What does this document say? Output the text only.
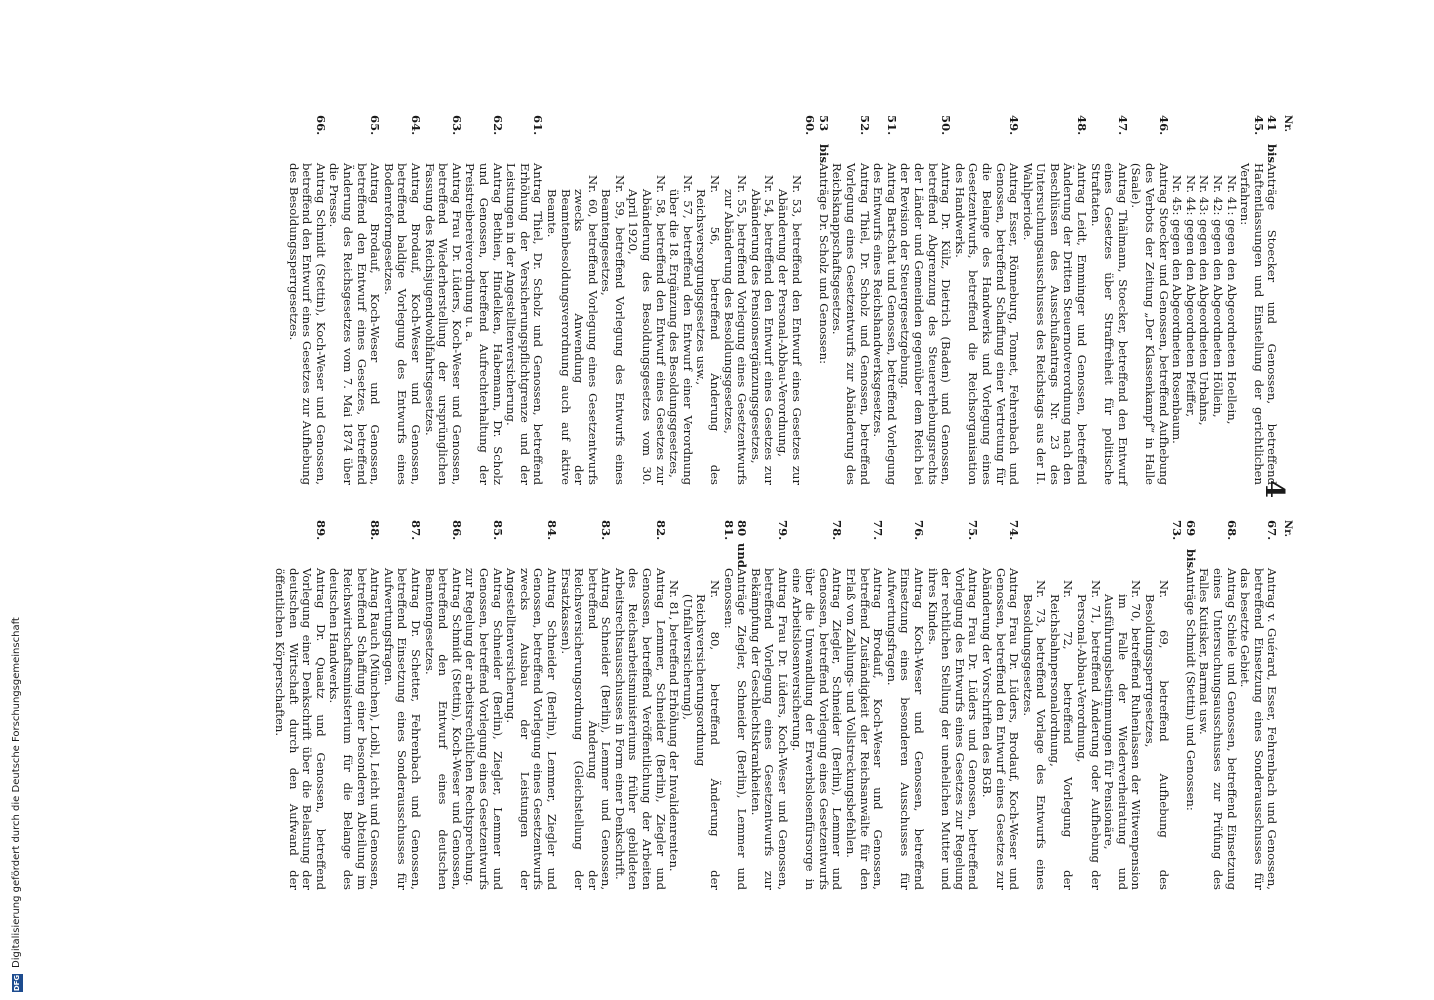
4
Nr.
41 bis 45.
Anträge Stoecker und Genossen, betreffend Haftentlassungen und Einstellung der gerichtlichen Verfahren:
Nr. 41: gegen den Abgeordneten Hoellein,
Nr. 42: gegen den Abgeordneten Höllein,
Nr. 43: gegen den Abgeordneten Urbahns,
Nr. 44: gegen den Abgeordneten Pfeiffer,
Nr. 45: gegen den Abgeordneten Rosenbaum.
46.
Antrag Stoecker und Genossen, betreffend Aufhebung des Verbots der Zeitung „Der Klassenkampf“ in Halle (Saale).
47.
Antrag Thälmann, Stoecker, betreffend den Entwurf eines Gesetzes über Straffreiheit für politische Straftaten.
48.
Antrag Leidt, Emminger und Genossen, betreffend Änderung der Dritten Steuernotverordnung nach den Beschlüssen des Ausschußantrags Nr. 23 des Untersuchungsausschusses des Reichstags aus der II. Wahlperiode.
49.
Antrag Esser, Rönneburg, Tonnet, Fehrenbach und Genossen, betreffend Schaffung einer Vertretung für die Belange des Handwerks und Vorlegung eines Gesetzentwurfs, betreffend die Reichsorganisation des Handwerks.
50.
Antrag Dr. Külz, Dietrich (Baden) und Genossen, betreffend Abgrenzung des Steuererhebungsrechts der Länder und Gemeinden gegenüber dem Reich bei der Revision der Steuergesetzgebung.
51.
Antrag Bartschat und Genossen, betreffend Vorlegung des Entwurfs eines Reichshandwerksgesetzes.
52.
Antrag Thiel, Dr. Scholz und Genossen, betreffend Vorlegung eines Gesetzentwurfs zur Abänderung des Reichsknappschaftsgesetzes.
53 bis 60.
Anträge Dr. Scholz und Genossen:
Nr. 53, betreffend den Entwurf eines Gesetzes zur Abänderung der Personal-Abbau-Verordnung,
Nr. 54, betreffend den Entwurf eines Gesetzes zur Abänderung des Pensionsergänzungsgesetzes,
Nr. 55, betreffend Vorlegung eines Gesetzentwurfs zur Abänderung des Besoldungsgesetzes,
Nr. 56, betreffend Änderung des Reichsversorgungsgesetzes usw.,
Nr. 57, betreffend den Entwurf einer Verordnung über die 18. Ergänzung des Besoldungsgesetzes,
Nr. 58, betreffend den Entwurf eines Gesetzes zur Abänderung des Besoldungsgesetzes vom 30. April 1920,
Nr. 59, betreffend Vorlegung des Entwurfs eines Beamtengesetzes,
Nr. 60, betreffend Vorlegung eines Gesetzentwurfs zwecks Anwendung der Beamtenbesoldungsverordnung auch auf aktive Beamte.
61.
Antrag Thiel, Dr. Scholz und Genossen, betreffend Erhöhung der Versicherungspflichtgrenze und der Leistungen in der Angestelltenversicherung.
62.
Antrag Bethien, Hindelken, Habemann, Dr. Scholz und Genossen, betreffend Aufrechterhaltung der Preistreibereiverordnung u. a.
63.
Antrag Frau Dr. Lüders, Koch-Weser und Genossen, betreffend Wiederherstellung der ursprünglichen Fassung des Reichsjugendwohlfahrtsgesetzes.
64.
Antrag Brodauf, Koch-Weser und Genossen, betreffend baldige Vorlegung des Entwurfs eines Bodenreformgesetzes.
65.
Antrag Brodauf, Koch-Weser und Genossen, betreffend den Entwurf eines Gesetzes, betreffend Änderung des Reichsgesetzes vom 7. Mai 1874 über die Presse.
66.
Antrag Schmidt (Stettin), Koch-Weser und Genossen, betreffend den Entwurf eines Gesetzes zur Aufhebung des Besoldungssperrgesetzes.
Nr.
67.
Antrag v. Guérard, Esser, Fehrenbach und Genossen, betreffend Einsetzung eines Sonderausschusses für das besetzte Gebiet.
68.
Antrag Schiele und Genossen, betreffend Einsetzung eines Untersuchungsausschusses zur Prüfung des Falles Kutisker, Barmat usw.
69 bis 73.
Anträge Schmidt (Stettin) und Genossen:
Nr. 69, betreffend Aufhebung des Besoldungssperrgesetzes,
Nr. 70, betreffend Ruhenlassen der Witwenpension im Falle der Wiederverheiratung und Ausführungsbestimmungen für Pensionäre,
Nr. 71, betreffend Änderung oder Aufhebung der Personal-Abbau-Verordnung,
Nr. 72, betreffend Vorlegung der Reichsbahnpersonalordnung,
Nr. 73, betreffend Vorlage des Entwurfs eines Besoldungsgesetzes.
74.
Antrag Frau Dr. Lüders, Brodauf, Koch-Weser und Genossen, betreffend den Entwurf eines Gesetzes zur Abänderung der Vorschriften des BGB.
75.
Antrag Frau Dr. Lüders und Genossen, betreffend Vorlegung des Entwurfs eines Gesetzes zur Regelung der rechtlichen Stellung der unehelichen Mutter und ihres Kindes.
76.
Antrag Koch-Weser und Genossen, betreffend Einsetzung eines besonderen Ausschusses für Aufwertungsfragen.
77.
Antrag Brodauf, Koch-Weser und Genossen, betreffend Zuständigkeit der Reichsanwälte für den Erlaß von Zahlungs- und Vollstreckungsbefehlen.
78.
Antrag Ziegler, Schneider (Berlin), Lemmer und Genossen, betreffend Vorlegung eines Gesetzentwurfs über die Umwandlung der Erwerbslosenfürsorge in eine Arbeitslosenversicherung.
79.
Antrag Frau Dr. Lüders, Koch-Weser und Genossen, betreffend Vorlegung eines Gesetzentwurfs zur Bekämpfung der Geschlechtskrankheiten.
80 und 81.
Anträge Ziegler, Schneider (Berlin), Lemmer und Genossen:
Nr. 80, betreffend Änderung der Reichsversicherungsordnung (Unfallversicherung),
Nr. 81, betreffend Erhöhung der Invalidenrenten.
82.
Antrag Lemmer, Schneider (Berlin), Ziegler und Genossen, betreffend Veröffentlichung der Arbeiten des Reichsarbeitsministeriums früher gebildeten Arbeitsrechtsausschusses in Form einer Denkschrift.
83.
Antrag Schneider (Berlin), Lemmer und Genossen, betreffend Änderung der Reichsversicherungsordnung (Gleichstellung der Ersatzkassen).
84.
Antrag Schneider (Berlin), Lemmer, Ziegler und Genossen, betreffend Vorlegung eines Gesetzentwurfs zwecks Ausbau der Leistungen der Angestelltenversicherung.
85.
Antrag Schneider (Berlin), Ziegler, Lemmer und Genossen, betreffend Vorlegung eines Gesetzentwurfs zur Regelung der arbeitsrechtlichen Rechtsprechung.
86.
Antrag Schmidt (Stettin), Koch-Weser und Genossen, betreffend den Entwurf eines deutschen Beamtengesetzes.
87.
Antrag Dr. Schetter, Fehrenbach und Genossen, betreffend Einsetzung eines Sonderausschusses für Aufwertungsfragen.
88.
Antrag Rauch (München), Loibl, Leicht und Genossen, betreffend Schaffung einer besonderen Abteilung im Reichswirtschaftsministerium für die Belange des deutschen Handwerks.
89.
Antrag Dr. Quaatz und Genossen, betreffend Vorlegung einer Denkschrift über die Belastung der deutschen Wirtschaft durch den Aufwand der öffentlichen Körperschaften.
DFG
Digitalisierung gefördert durch die Deutsche Forschungsgemeinschaft
